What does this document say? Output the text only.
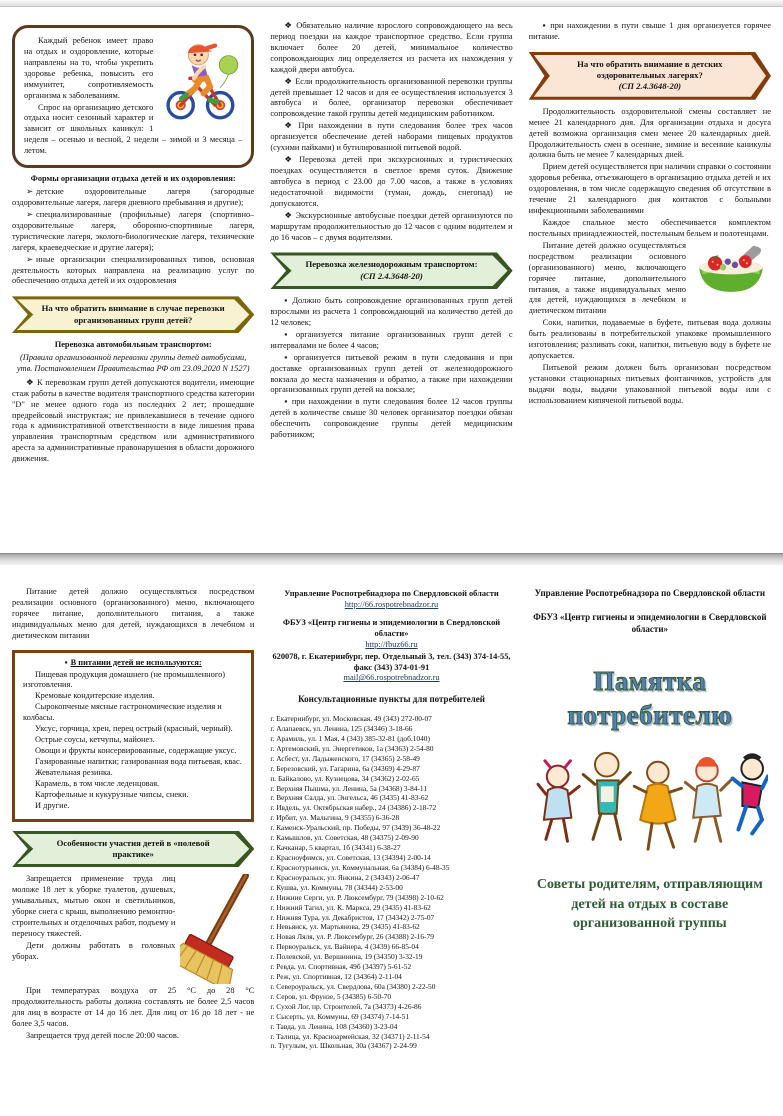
Каждый ребенок имеет право на отдых и оздоровление, которые направлены на то, чтобы укрепить здоровье ребенка, повысить его иммунитет, сопротивляемость организма к заболеваниям.

Спрос на организацию детского отдыха носит сезонный характер и зависит от школьных каникул: 1 неделя – осенью и весной, 2 недели – зимой и 3 месяца – летом.

Формы организации отдыха детей и их оздоровления:

➢ детские оздоровительные лагеря (загородные оздоровительные лагеря, лагеря дневного пребывания и другие);

➢ специализированные (профильные) лагеря (спортивно–оздоровительные лагеря, оборонно-спортивные лагеря, туристические лагеря, эколого-биологические лагеря, технические лагеря, краеведческие и другие лагеря);

➢ иные организации специализированных типов, основная деятельность которых направлена на реализацию услуг по обеспечению отдыха детей и их оздоровления

На что обратить внимание в случае перевозки организованных групп детей?

Перевозка автомобильным транспортом:

(Правила организованной перевозки группы детей автобусами, утв. Постановлением Правительства РФ от 23.09.2020 N 1527)

❖ К перевозкам групп детей допускаются водители, имеющие стаж работы в качестве водителя транспортного средства категории "D" не менее одного года из последних 2 лет; прошедшие предрейсовый инструктаж; не привлекавшиеся в течение одного года к административной ответственности в виде лишения права управления транспортным средством или административного ареста за административные правонарушения в области дорожного движения.

❖ Обязательно наличие взрослого сопровождающего на весь период поездки на каждое транспортное средство. Если группа включает более 20 детей, минимальное количество сопровождающих лиц определяется из расчета их нахождения у каждой двери автобуса.

❖ Если продолжительность организованной перевозки группы детей превышает 12 часов и для ее осуществления используется 3 автобуса и более, организатор перевозки обеспечивает сопровождение такой группы детей медицинским работником.

❖ При нахождении в пути следования более трех часов организуется обеспечение детей наборами пищевых продуктов (сухими пайками) и бутилированной питьевой водой.

❖ Перевозка детей при экскурсионных и туристических поездках осуществляется в светлое время суток. Движение автобуса в период с 23.00 до 7.00 часов, а также в условиях недостаточной видимости (туман, дождь, снегопад) не допускаются.

❖ Экскурсионные автобусные поездки детей организуются по маршрутам продолжительностью до 12 часов с одним водителем и до 16 часов – с двумя водителями.

Перевозка железнодорожным транспортом:
(СП 2.4.3648-20)

▪ Должно быть сопровождение организованных групп детей взрослыми из расчета 1 сопровождающий на количество детей до 12 человек;

▪ организуется питание организованных групп детей с интервалами не более 4 часов;

▪ организуется питьевой режим в пути следования и при доставке организованных групп детей от железнодорожного вокзала до места назначения и обратно, а также при нахождении организованных групп детей на вокзале;

▪ при нахождении в пути следования более 12 часов группы детей в количестве свыше 30 человек организатор поездки обязан обеспечить сопровождение группы детей медицинским работником;

▪ при нахождении в пути свыше 1 дня организуется горячее питание.

На что обратить внимание в детских оздоровительных лагерях?
(СП 2.4.3648-20)

Продолжительность оздоровительной смены составляет не менее 21 календарного дня. Для организации отдыха и досуга детей возможна организация смен менее 20 календарных дней. Продолжительность смен в осенние, зимние и весенние каникулы должна быть не менее 7 календарных дней.

Прием детей осуществляется при наличии справки о состоянии здоровья ребенка, отъезжающего в организацию отдыха детей и их оздоровления, в том числе содержащую сведения об отсутствии в течение 21 календарного дня контактов с больными инфекционными заболеваниями

Каждое спальное место обеспечивается комплектом постельных принадлежностей, постельным бельем и полотенцами.

Питание детей должно осуществляться посредством реализации основного (организованного) меню, включающего горячее питание, дополнительного питания, а также индивидуальных меню для детей, нуждающихся в лечебном и диетическом питании

Соки, напитки, подаваемые в буфете, питьевая вода должны быть реализованы в потребительской упаковке промышленного изготовления; разливать соки, напитки, питьевую воду в буфете не допускается.

Питьевой режим должен быть организован посредством установки стационарных питьевых фонтанчиков, устройств для выдачи воды, выдачи упакованной питьевой воды или с использованием кипяченой питьевой воды.

Питание детей должно осуществляться посредством реализации основного (организованного) меню, включающего горячее питание, дополнительного питания, а также индивидуальных меню для детей, нуждающихся в лечебном и диетическом питании

▪ В питании детей не используются:

Пищевая продукция домашнего (не промышленного) изготовления.

Кремовые кондитерские изделия.

Сырокопченые мясные гастрономические изделия и колбасы.

Уксус, горчица, хрен, перец острый (красный, черный).

Острые соусы, кетчупы, майонез.

Овощи и фрукты консервированные, содержащие уксус.

Газированные напитки; газированная вода питьевая, квас.

Жевательная резинка.

Карамель, в том числе леденцовая.

Картофельные и кукурузные чипсы, снеки.

И другие.

Особенности участия детей в «полевой практике»

Запрещается применение труда лиц моложе 18 лет к уборке туалетов, душевых, умывальных, мытью окон и светильников, уборке снега с крыш, выполнению ремонтно-строительных и отделочных работ, подъему и переносу тяжестей.

Дети должны работать в головных уборах.

При температурах воздуха от 25 °С до 28 °С продолжительность работы должна составлять не более 2,5 часов для лиц в возрасте от 14 до 16 лет. Для лиц от 16 до 18 лет - не более 3,5 часов.

Запрещается труд детей после 20:00 часов.

Управление Роспотребнадзора по Свердловской области

http://66.rospotrebnadzor.ru

ФБУЗ «Центр гигиены и эпидемиологии в Свердловской области»

http://fbuz66.ru

620078, г. Екатеринбург, пер. Отдельный 3, тел. (343) 374-14-55, факс (343) 374-01-91

mail@66.rospotrebnadzor.ru

Консультационные пункты для потребителей

г. Екатеринбург, ул. Московская, 49 (343) 272-00-07

г. Алапаевск, ул. Ленина, 125 (34346) 3-18-66

г. Арамиль, ул. 1 Мая, 4 (343) 385-32-81 (доб.1040)

г. Артемовский, ул. Энергетиков, 1а (34363) 2-54-80

г. Асбест, ул. Ладыженского, 17 (34365) 2-58-49

г. Березовский, ул. Гагарина, 6а (34369) 4-29-87

п. Байкалово, ул. Кузнецова, 34 (34362) 2-02-65

г. Верхняя Пышма, ул. Ленина, 5а (34368) 3-84-11

г. Верхняя Салда, ул. Энгельса, 46 (3435) 41-83-62

г. Ивдель, ул. Октябрьская набер., 24 (34386) 2-18-72

г. Ирбит, ул. Мальгина, 9 (34355) 6-36-28

г. Каменск-Уральский, пр. Победы, 97 (3439) 36-48-22

г. Камышлов, ул. Советская, 48 (34375) 2-09-90

г. Качканар, 5 квартал, 1б (34341) 6-38-27

г. Красноуфимск, ул. Советская, 13 (34394) 2-00-14

г. Краснотурьинск, ул. Коммунальная, 6а (34384) 6-48-35

г. Красноуральск, ул. Янкина, 2 (34343) 2-06-47

г. Кушва, ул. Коммуны, 78 (34344) 2-53-00

г. Нижние Серги, ул. Р. Люксембург, 79 (34398) 2-10-62

г. Нижний Тагил, ул. К. Маркса, 29 (3435) 41-83-62

г. Нижняя Тура, ул. Декабристов, 17 (34342) 2-75-07

г. Невьянск, ул. Мартьянова, 29 (3435) 41-83-62

г. Новая Ляля, ул. Р. Люксембург, 26 (34388) 2-16-79

г. Первоуральск, ул. Вайнера, 4 (3439) 66-85-04

г. Полевской, ул. Вершинина, 19 (34350) 3-32-19

г. Ревда, ул. Спортивная, 49б (34397) 5-61-52

г. Реж, ул. Спортивная, 12 (34364) 2-11-04

г. Североуральск, ул. Свердлова, 60а (34380) 2-22-50

г. Серов, ул. Фрунзе, 5 (34385) 6-50-70

г. Сухой Лог, пр. Строителей, 7а (34373) 4-26-86

г. Сысерть, ул. Коммуны, 69 (34374) 7-14-51

г. Тавда, ул. Ленина, 108 (34360) 3-23-04

г. Талица, ул. Красноармейская, 32 (34371) 2-11-54

п. Тугулым, ул. Школьная, 30а (34367) 2-24-99

Управление Роспотребнадзора по Свердловской области

ФБУЗ «Центр гигиены и эпидемиологии в Свердловской области»

Памятка потребителю
Советы родителям, отправляющим детей на отдых в составе организованной группы
